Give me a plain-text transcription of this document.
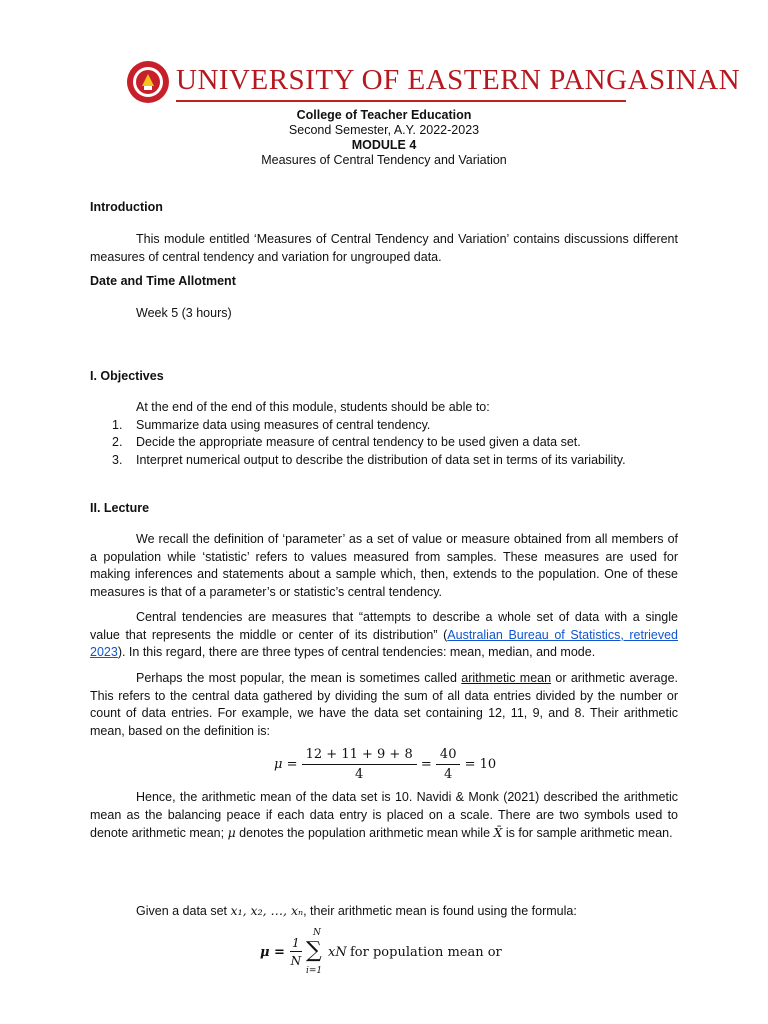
UNIVERSITY OF EASTERN PANGASINAN
College of Teacher Education
Second Semester, A.Y. 2022-2023
MODULE 4
Measures of Central Tendency and Variation
Introduction
This module entitled ‘Measures of Central Tendency and Variation’ contains discussions different measures of central tendency and variation for ungrouped data.
Date and Time Allotment
Week 5 (3 hours)
I. Objectives
At the end of the end of this module, students should be able to:
1. Summarize data using measures of central tendency.
2. Decide the appropriate measure of central tendency to be used given a data set.
3. Interpret numerical output to describe the distribution of data set in terms of its variability.
II. Lecture
We recall the definition of ‘parameter’ as a set of value or measure obtained from all members of a population while ‘statistic’ refers to values measured from samples. These measures are used for making inferences and statements about a sample which, then, extends to the population. One of these measures is that of a parameter’s or statistic’s central tendency.
Central tendencies are measures that “attempts to describe a whole set of data with a single value that represents the middle or center of its distribution” (Australian Bureau of Statistics, retrieved 2023). In this regard, there are three types of central tendencies: mean, median, and mode.
Perhaps the most popular, the mean is sometimes called arithmetic mean or arithmetic average. This refers to the central data gathered by dividing the sum of all data entries divided by the number or count of data entries. For example, we have the data set containing 12, 11, 9, and 8. Their arithmetic mean, based on the definition is:
$\mu = \frac{12 + 11 + 9 + 8}{4} = \frac{40}{4} = 10$
Hence, the arithmetic mean of the data set is 10. Navidi & Monk (2021) described the arithmetic mean as the balancing peace if each data entry is placed on a scale. There are two symbols used to denote arithmetic mean; μ denotes the population arithmetic mean while X̄ is for sample arithmetic mean.
Given a data set x₁, x₂, …, xₙ, their arithmetic mean is found using the formula:
$\mu = \frac{1}{N}$
N
∑
i=1
xN for population mean or
